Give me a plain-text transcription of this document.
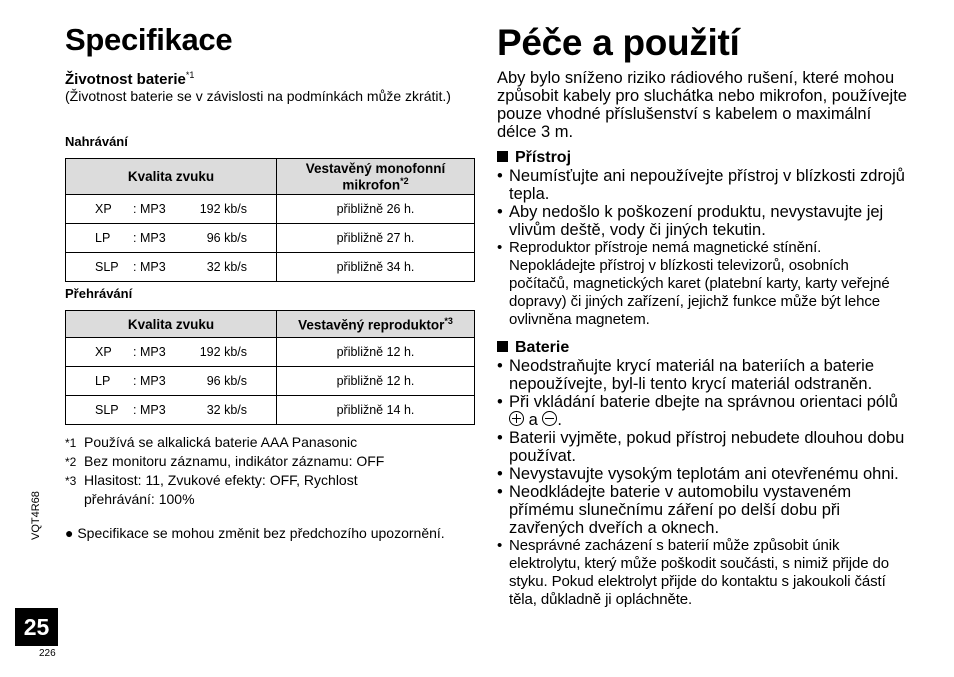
Specifikace
Životnost baterie$^{*1}$
(Životnost baterie se v závislosti na podmínkách může zkrátit.)
Nahrávání
Kvalita zvuku	Vestavěný monofonní mikrofon$^{*2}$
XP : MP3 192 kb/s	přibližně 26 h.
LP : MP3 96 kb/s	přibližně 27 h.
SLP : MP3 32 kb/s	přibližně 34 h.
Přehrávání
Kvalita zvuku	Vestavěný reproduktor$^{*3}$
XP : MP3 192 kb/s	přibližně 12 h.
LP : MP3 96 kb/s	přibližně 12 h.
SLP : MP3 32 kb/s	přibližně 14 h.
*1 Používá se alkalická baterie AAA Panasonic
*2 Bez monitoru záznamu, indikátor záznamu: OFF
*3 Hlasitost: 11, Zvukové efekty: OFF, Rychlost
přehrávání: 100%
● Specifikace se mohou změnit bez předchozího upozornění.
VQT4R68
25
226
Péče a použití
Aby bylo sníženo riziko rádiového rušení, které mohou způsobit kabely pro sluchátka nebo mikrofon, používejte pouze vhodné příslušenství s kabelem o maximální délce 3 m.
Přístroj
• Neumísťujte ani nepoužívejte přístroj v blízkosti zdrojů tepla.
• Aby nedošlo k poškození produktu, nevystavujte jej vlivům deště, vody či jiných tekutin.
• Reproduktor přístroje nemá magnetické stínění. Nepokládejte přístroj v blízkosti televizorů, osobních počítačů, magnetických karet (platební karty, karty veřejné dopravy) či jiných zařízení, jejichž funkce může být lehce ovlivněna magnetem.
Baterie
• Neodstraňujte krycí materiál na bateriích a baterie nepoužívejte, byl-li tento krycí materiál odstraněn.
• Při vkládání baterie dbejte na správnou orientaci pólů  a .
• Baterii vyjměte, pokud přístroj nebudete dlouhou dobu používat.
• Nevystavujte vysokým teplotám ani otevřenému ohni.
• Neodkládejte baterie v automobilu vystaveném přímému slunečnímu záření po delší dobu při zavřených dveřích a oknech.
• Nesprávné zacházení s baterií může způsobit únik elektrolytu, který může poškodit součásti, s nimiž přijde do styku. Pokud elektrolyt přijde do kontaktu s jakoukoli částí těla, důkladně ji opláchněte.
